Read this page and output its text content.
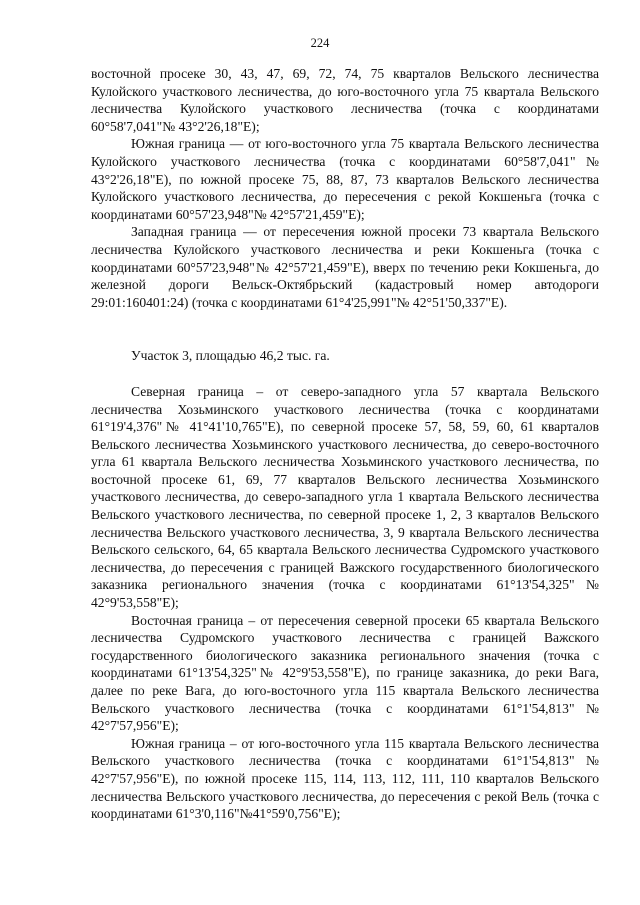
224

восточной просеке 30, 43, 47, 69, 72, 74, 75 кварталов Вельского лесничества Кулойского участкового лесничества, до юго-восточного угла 75 квартала Вельского лесничества Кулойского участкового лесничества (точка с координатами 60°58'7,041"№ 43°2'26,18"E);

Южная граница — от юго-восточного угла 75 квартала Вельского лесничества Кулойского участкового лесничества (точка с координатами 60°58'7,041"№ 43°2'26,18"E), по южной просеке 75, 88, 87, 73 кварталов Вельского лесничества Кулойского участкового лесничества, до пересечения с рекой Кокшеньга (точка с координатами 60°57'23,948"№ 42°57'21,459"E);

Западная граница — от пересечения южной просеки 73 квартала Вельского лесничества Кулойского участкового лесничества и реки Кокшеньга (точка с координатами 60°57'23,948"№ 42°57'21,459"E), вверх по течению реки Кокшеньга, до железной дороги Вельск-Октябрьский (кадастровый номер автодороги 29:01:160401:24) (точка с координатами 61°4'25,991"№ 42°51'50,337"E).

Участок 3, площадью 46,2 тыс. га.

Северная граница – от северо-западного угла 57 квартала Вельского лесничества Хозьминского участкового лесничества (точка с координатами 61°19'4,376"№ 41°41'10,765"E), по северной просеке 57, 58, 59, 60, 61 кварталов Вельского лесничества Хозьминского участкового лесничества, до северо-восточного угла 61 квартала Вельского лесничества Хозьминского участкового лесничества, по восточной просеке 61, 69, 77 кварталов Вельского лесничества Хозьминского участкового лесничества, до северо-западного угла 1 квартала Вельского лесничества Вельского участкового лесничества, по северной просеке 1, 2, 3 кварталов Вельского лесничества Вельского участкового лесничества, 3, 9 квартала Вельского лесничества Вельского сельского, 64, 65 квартала Вельского лесничества Судромского участкового лесничества, до пересечения с границей Важского государственного биологического заказника регионального значения (точка с координатами 61°13'54,325"№ 42°9'53,558"E);

Восточная граница – от пересечения северной просеки 65 квартала Вельского лесничества Судромского участкового лесничества с границей Важского государственного биологического заказника регионального значения (точка с координатами 61°13'54,325"№ 42°9'53,558"E), по границе заказника, до реки Вага, далее по реке Вага, до юго-восточного угла 115 квартала Вельского лесничества Вельского участкового лесничества (точка с координатами 61°1'54,813"№ 42°7'57,956"E);

Южная граница – от юго-восточного угла 115 квартала Вельского лесничества Вельского участкового лесничества (точка с координатами 61°1'54,813"№ 42°7'57,956"E), по южной просеке 115, 114, 113, 112, 111, 110 кварталов Вельского лесничества Вельского участкового лесничества, до пересечения с рекой Вель (точка с координатами 61°3'0,116"№41°59'0,756"E);
